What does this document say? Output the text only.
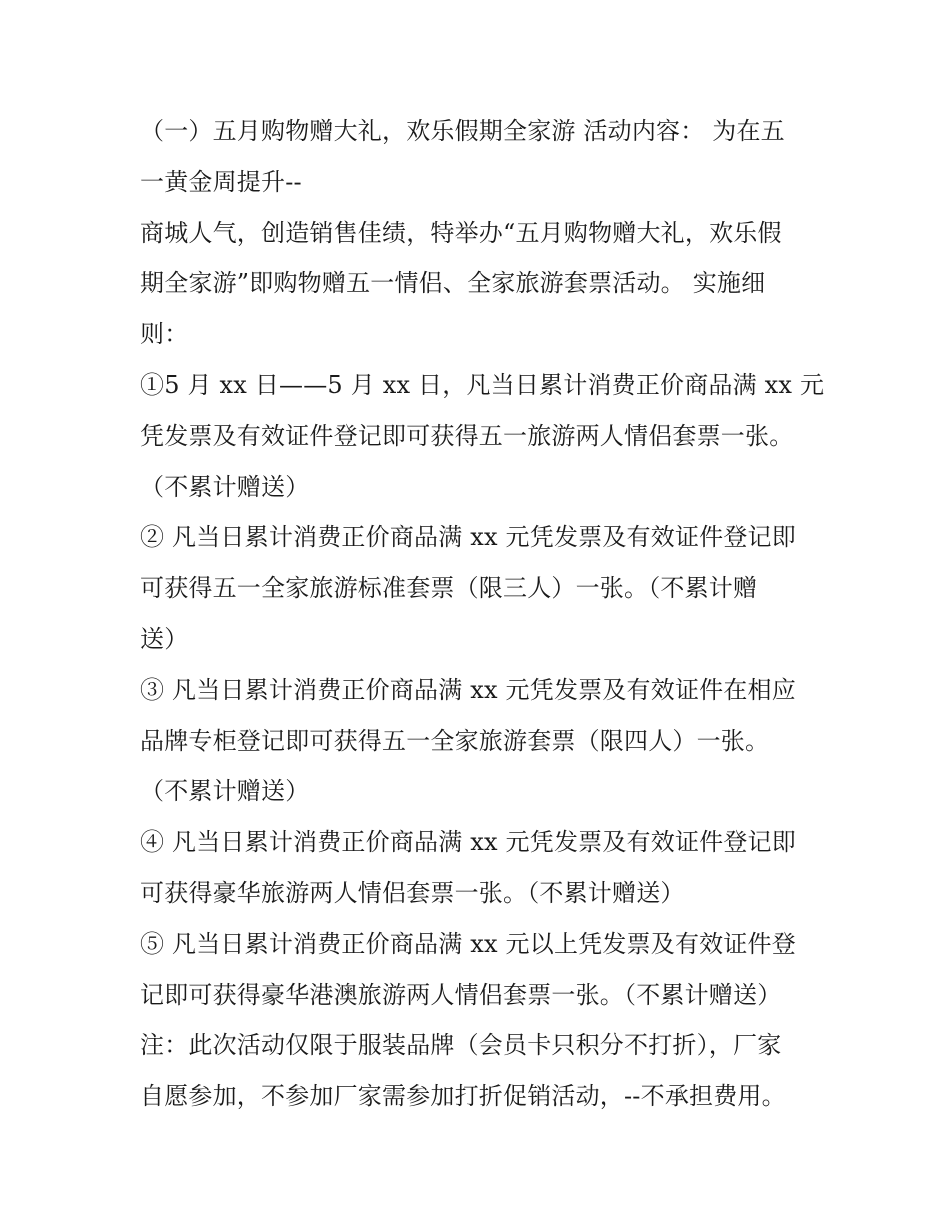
（一）五月购物赠大礼，欢乐假期全家游 活动内容： 为在五
一黄金周提升--
商城人气，创造销售佳绩，特举办“五月购物赠大礼，欢乐假
期全家游”即购物赠五一情侣、全家旅游套票活动。 实施细
则：
①5 月 xx 日——5 月 xx 日，凡当日累计消费正价商品满 xx 元
凭发票及有效证件登记即可获得五一旅游两人情侣套票一张。
（不累计赠送）
② 凡当日累计消费正价商品满 xx 元凭发票及有效证件登记即
可获得五一全家旅游标准套票（限三人）一张。（不累计赠
送）
③ 凡当日累计消费正价商品满 xx 元凭发票及有效证件在相应
品牌专柜登记即可获得五一全家旅游套票（限四人）一张。
（不累计赠送）
④ 凡当日累计消费正价商品满 xx 元凭发票及有效证件登记即
可获得豪华旅游两人情侣套票一张。（不累计赠送）
⑤ 凡当日累计消费正价商品满 xx 元以上凭发票及有效证件登
记即可获得豪华港澳旅游两人情侣套票一张。（不累计赠送）
注：此次活动仅限于服装品牌（会员卡只积分不打折），厂家
自愿参加，不参加厂家需参加打折促销活动，--不承担费用。
